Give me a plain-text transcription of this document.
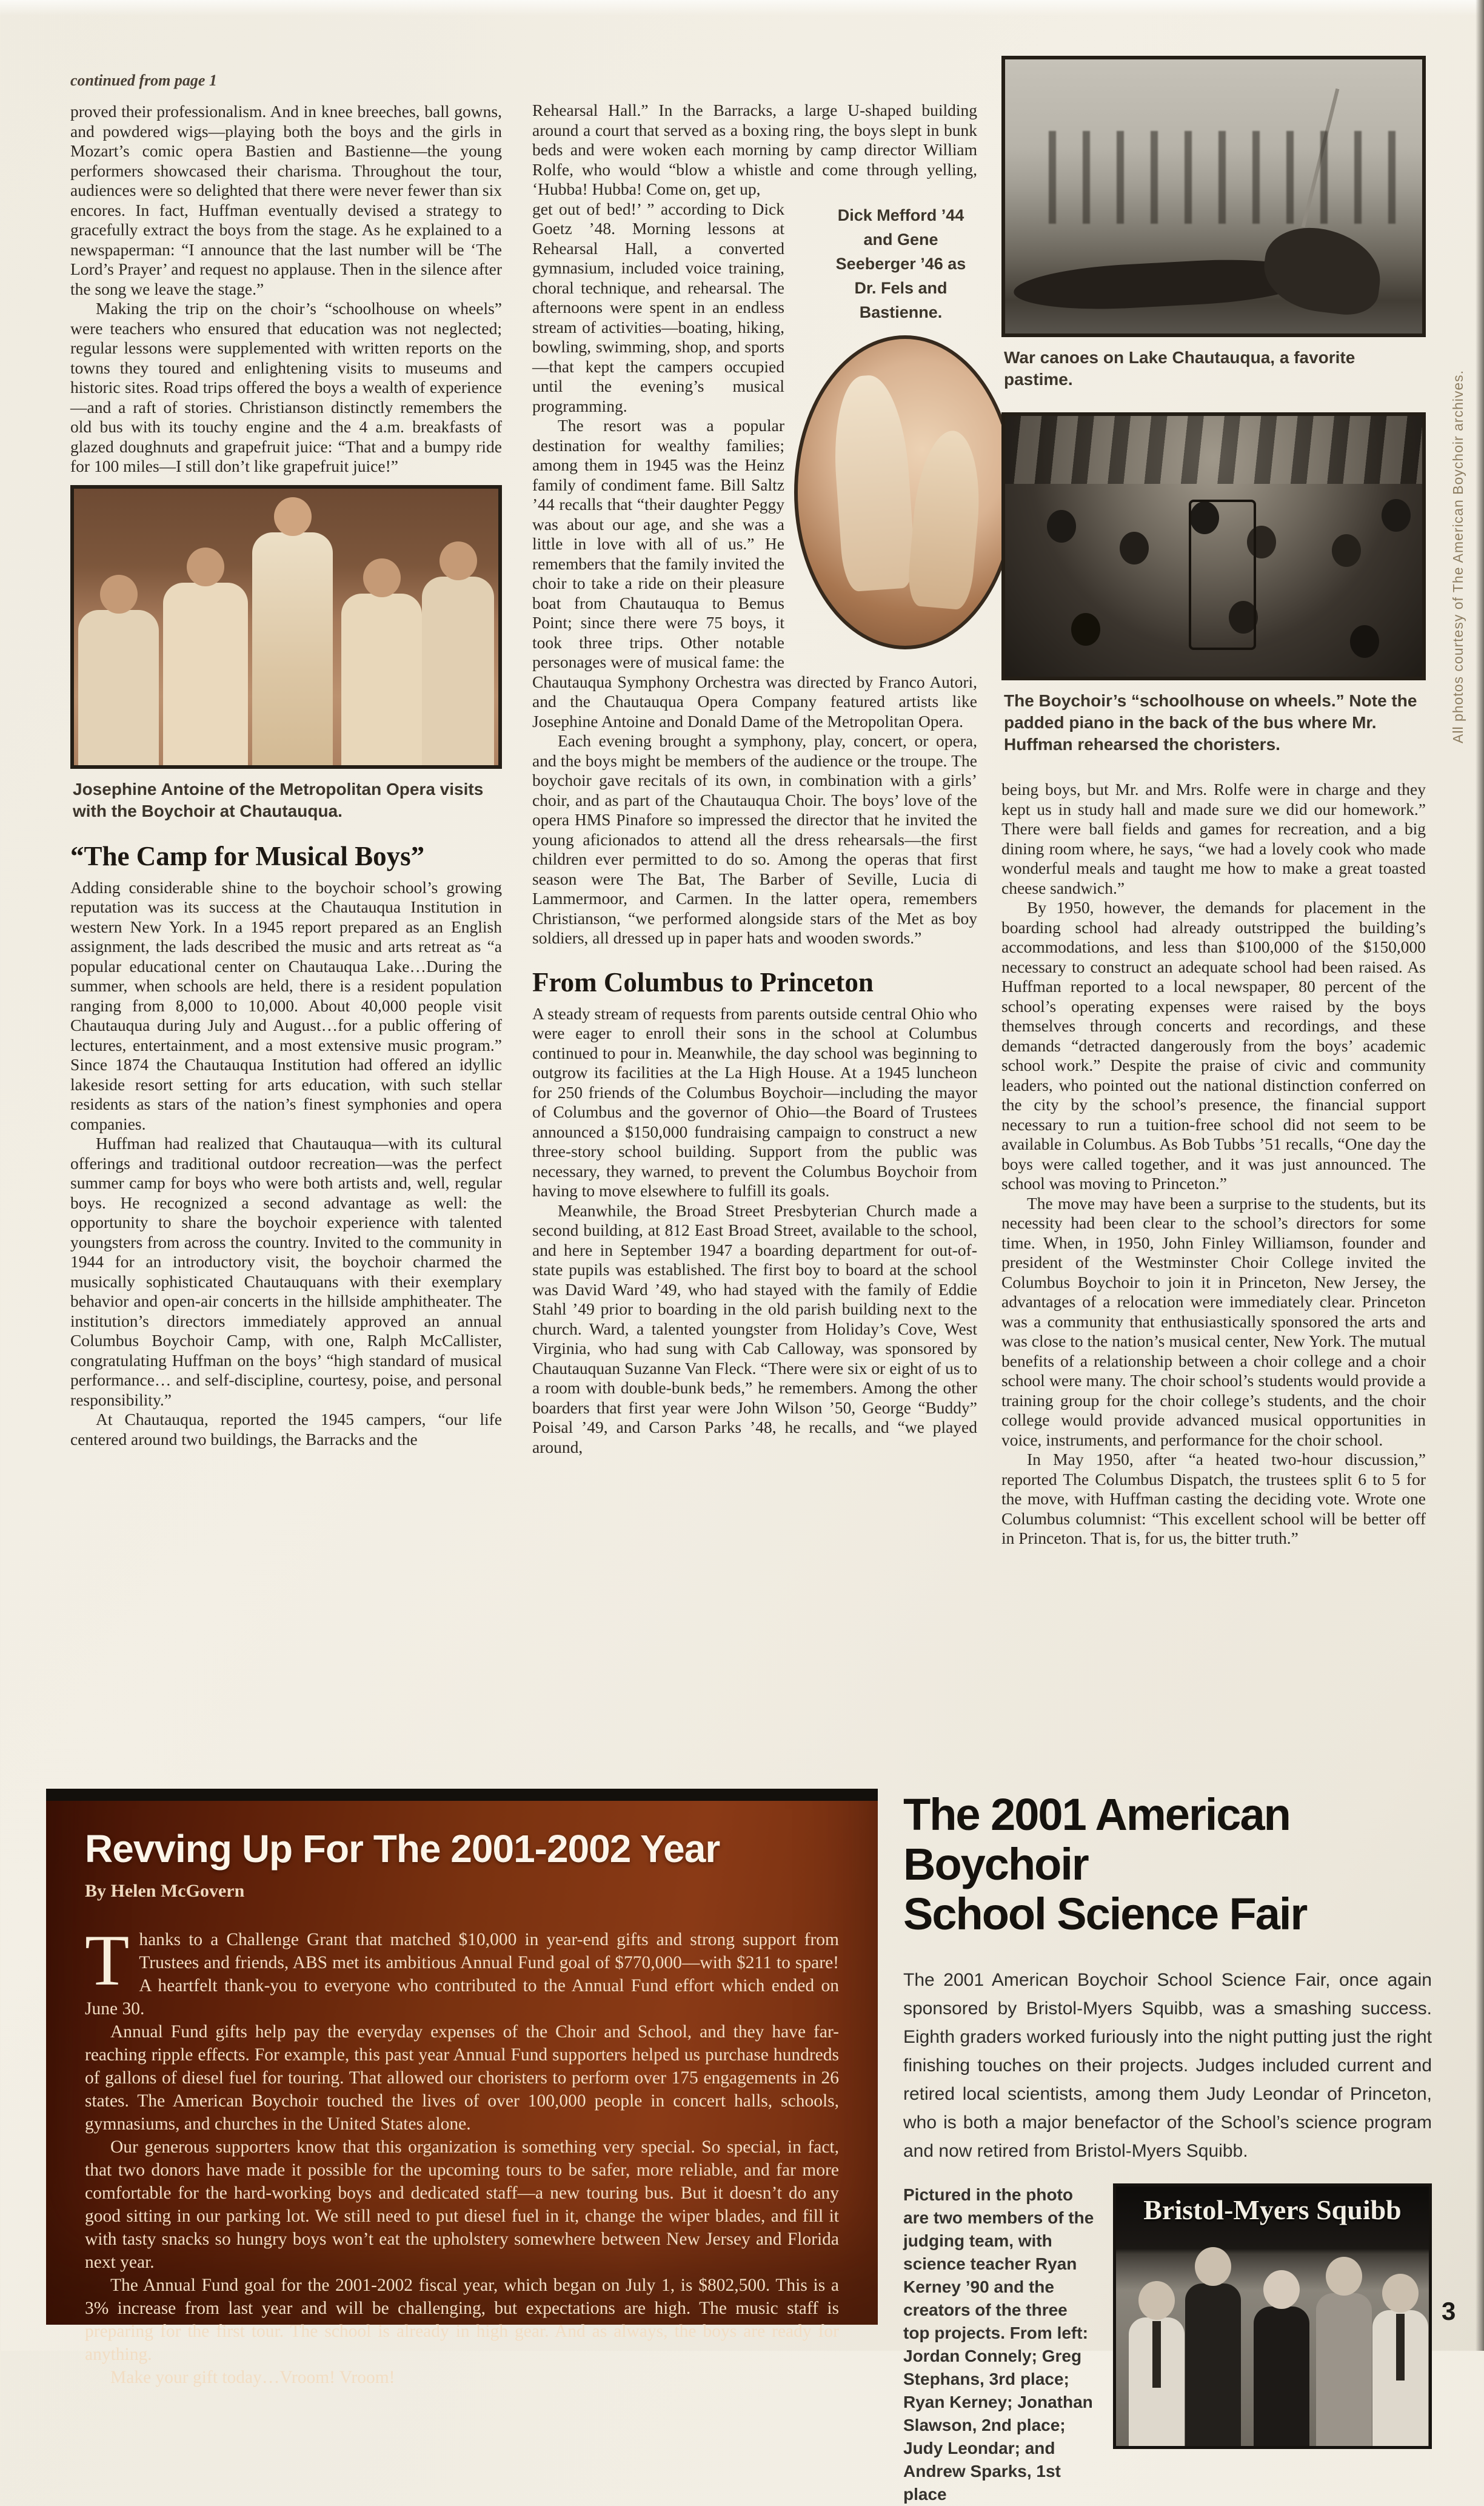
continued from page 1

proved their professionalism. And in knee breeches, ball gowns, and powdered wigs—playing both the boys and the girls in Mozart’s comic opera Bastien and Bastienne—the young performers showcased their charisma. Throughout the tour, audiences were so delighted that there were never fewer than six encores. In fact, Huffman eventually devised a strategy to gracefully extract the boys from the stage. As he explained to a newspaperman: “I announce that the last number will be ‘The Lord’s Prayer’ and request no applause. Then in the silence after the song we leave the stage.”

Making the trip on the choir’s “schoolhouse on wheels” were teachers who ensured that education was not neglected; regular lessons were supplemented with written reports on the towns they toured and enlightening visits to museums and historic sites. Road trips offered the boys a wealth of experience—and a raft of stories. Christianson distinctly remembers the old bus with its touchy engine and the 4 a.m. breakfasts of glazed doughnuts and grapefruit juice: “That and a bumpy ride for 100 miles—I still don’t like grapefruit juice!”

Josephine Antoine of the Metropolitan Opera visits with the Boychoir at Chautauqua.
“The Camp for Musical Boys”

Adding considerable shine to the boychoir school’s growing reputation was its success at the Chautauqua Institution in western New York. In a 1945 report prepared as an English assignment, the lads described the music and arts retreat as “a popular educational center on Chautauqua Lake…During the summer, when schools are held, there is a resident population ranging from 8,000 to 10,000. About 40,000 people visit Chautauqua during July and August…for a public offering of lectures, entertainment, and a most extensive music program.” Since 1874 the Chautauqua Institution had offered an idyllic lakeside resort setting for arts education, with such stellar residents as stars of the nation’s finest symphonies and opera companies.

Huffman had realized that Chautauqua—with its cultural offerings and traditional outdoor recreation—was the perfect summer camp for boys who were both artists and, well, regular boys. He recognized a second advantage as well: the opportunity to share the boychoir experience with talented youngsters from across the country. Invited to the community in 1944 for an introductory visit, the boychoir charmed the musically sophisticated Chautauquans with their exemplary behavior and open-air concerts in the hillside amphitheater. The institution’s directors immediately approved an annual Columbus Boychoir Camp, with one, Ralph McCallister, congratulating Huffman on the boys’ “high standard of musical performance… and self-discipline, courtesy, poise, and personal responsibility.”

At Chautauqua, reported the 1945 campers, “our life centered around two buildings, the Barracks and the

Rehearsal Hall.” In the Barracks, a large U-shaped building around a court that served as a boxing ring, the boys slept in bunk beds and were woken each morning by camp director William Rolfe, who would “blow a whistle and come through yelling, ‘Hubba! Hubba! Come on, get up,

Dick Mefford ’44 and Gene Seeberger ’46 as Dr. Fels and Bastienne.
get out of bed!’ ” according to Dick Goetz ’48. Morning lessons at Rehearsal Hall, a converted gymnasium, included voice training, choral technique, and rehearsal. The afternoons were spent in an endless stream of activities—boating, hiking, bowling, swimming, shop, and sports—that kept the campers occupied until the evening’s musical programming.

The resort was a popular destination for wealthy families; among them in 1945 was the Heinz family of condiment fame. Bill Saltz ’44 recalls that “their daughter Peggy was about our age, and she was a little in love with all of us.” He remembers that the family invited the choir to take a ride on their pleasure boat from Chautauqua to Bemus Point; since there were 75 boys, it took three trips. Other notable personages were of musical fame: the Chautauqua Symphony Orchestra was directed by Franco Autori, and the Chautauqua Opera Company featured artists like Josephine Antoine and Donald Dame of the Metropolitan Opera.

Each evening brought a symphony, play, concert, or opera, and the boys might be members of the audience or the troupe. The boychoir gave recitals of its own, in combination with a girls’ choir, and as part of the Chautauqua Choir. The boys’ love of the opera HMS Pinafore so impressed the director that he invited the young aficionados to attend all the dress rehearsals—the first children ever permitted to do so. Among the operas that first season were The Bat, The Barber of Seville, Lucia di Lammermoor, and Carmen. In the latter opera, remembers Christianson, “we performed alongside stars of the Met as boy soldiers, all dressed up in paper hats and wooden swords.”

From Columbus to Princeton

A steady stream of requests from parents outside central Ohio who were eager to enroll their sons in the school at Columbus continued to pour in. Meanwhile, the day school was beginning to outgrow its facilities at the La High House. At a 1945 luncheon for 250 friends of the Columbus Boychoir—including the mayor of Columbus and the governor of Ohio—the Board of Trustees announced a $150,000 fundraising campaign to construct a new three-story school building. Support from the public was necessary, they warned, to prevent the Columbus Boychoir from having to move elsewhere to fulfill its goals.

Meanwhile, the Broad Street Presbyterian Church made a second building, at 812 East Broad Street, available to the school, and here in September 1947 a boarding department for out-of-state pupils was established. The first boy to board at the school was David Ward ’49, who had stayed with the family of Eddie Stahl ’49 prior to boarding in the old parish building next to the church. Ward, a talented youngster from Holiday’s Cove, West Virginia, who had sung with Cab Calloway, was sponsored by Chautauquan Suzanne Van Fleck. “There were six or eight of us to a room with double-bunk beds,” he remembers. Among the other boarders that first year were John Wilson ’50, George “Buddy” Poisal ’49, and Carson Parks ’48, he recalls, and “we played around,

War canoes on Lake Chautauqua, a favorite pastime.
The Boychoir’s “schoolhouse on wheels.” Note the padded piano in the back of the bus where Mr. Huffman rehearsed the choristers.

being boys, but Mr. and Mrs. Rolfe were in charge and they kept us in study hall and made sure we did our homework.” There were ball fields and games for recreation, and a big dining room where, he says, “we had a lovely cook who made wonderful meals and taught me how to make a great toasted cheese sandwich.”

By 1950, however, the demands for placement in the boarding school had already outstripped the building’s accommodations, and less than $100,000 of the $150,000 necessary to construct an adequate school had been raised. As Huffman reported to a local newspaper, 80 percent of the school’s operating expenses were raised by the boys themselves through concerts and recordings, and these demands “detracted dangerously from the boys’ academic school work.” Despite the praise of civic and community leaders, who pointed out the national distinction conferred on the city by the school’s presence, the financial support necessary to run a tuition-free school did not seem to be available in Columbus. As Bob Tubbs ’51 recalls, “One day the boys were called together, and it was just announced. The school was moving to Princeton.”

The move may have been a surprise to the students, but its necessity had been clear to the school’s directors for some time. When, in 1950, John Finley Williamson, founder and president of the Westminster Choir College invited the Columbus Boychoir to join it in Princeton, New Jersey, the advantages of a relocation were immediately clear. Princeton was a community that enthusiastically sponsored the arts and was close to the nation’s musical center, New York. The mutual benefits of a relationship between a choir college and a choir school were many. The choir school’s students would provide a training group for the choir college’s students, and the choir college would provide advanced musical opportunities in voice, instruments, and performance for the choir school.

In May 1950, after “a heated two-hour discussion,” reported The Columbus Dispatch, the trustees split 6 to 5 for the move, with Huffman casting the deciding vote. Wrote one Columbus columnist: “This excellent school will be better off in Princeton. That is, for us, the bitter truth.”

All photos courtesy of The American Boychoir archives.
Revving Up For The 2001-2002 Year
By Helen McGovern

Thanks to a Challenge Grant that matched $10,000 in year-end gifts and strong support from Trustees and friends, ABS met its ambitious Annual Fund goal of $770,000—with $211 to spare! A heartfelt thank-you to everyone who contributed to the Annual Fund effort which ended on June 30.

Annual Fund gifts help pay the everyday expenses of the Choir and School, and they have far-reaching ripple effects. For example, this past year Annual Fund supporters helped us purchase hundreds of gallons of diesel fuel for touring. That allowed our choristers to perform over 175 engagements in 26 states. The American Boychoir touched the lives of over 100,000 people in concert halls, schools, gymnasiums, and churches in the United States alone.

Our generous supporters know that this organization is something very special. So special, in fact, that two donors have made it possible for the upcoming tours to be safer, more reliable, and far more comfortable for the hard-working boys and dedicated staff—a new touring bus. But it doesn’t do any good sitting in our parking lot. We still need to put diesel fuel in it, change the wiper blades, and fill it with tasty snacks so hungry boys won’t eat the upholstery somewhere between New Jersey and Florida next year.

The Annual Fund goal for the 2001-2002 fiscal year, which began on July 1, is $802,500. This is a 3% increase from last year and will be challenging, but expectations are high. The music staff is preparing for the first tour. The school is already in high gear. And as always, the boys are ready for anything.

Make your gift today…Vroom! Vroom!

The 2001 American Boychoir
School Science Fair

The 2001 American Boychoir School Science Fair, once again sponsored by Bristol-Myers Squibb, was a smashing success. Eighth graders worked furiously into the night putting just the right finishing touches on their projects. Judges included current and retired local scientists, among them Judy Leondar of Princeton, who is both a major benefactor of the School’s science program and now retired from Bristol-Myers Squibb.

Pictured in the photo are two members of the judging team, with science teacher Ryan Kerney ’90 and the creators of the three top projects. From left: Jordan Connely; Greg Stephans, 3rd place; Ryan Kerney; Jonathan Slawson, 2nd place; Judy Leondar; and Andrew Sparks, 1st place
Bristol-Myers Squibb
3
